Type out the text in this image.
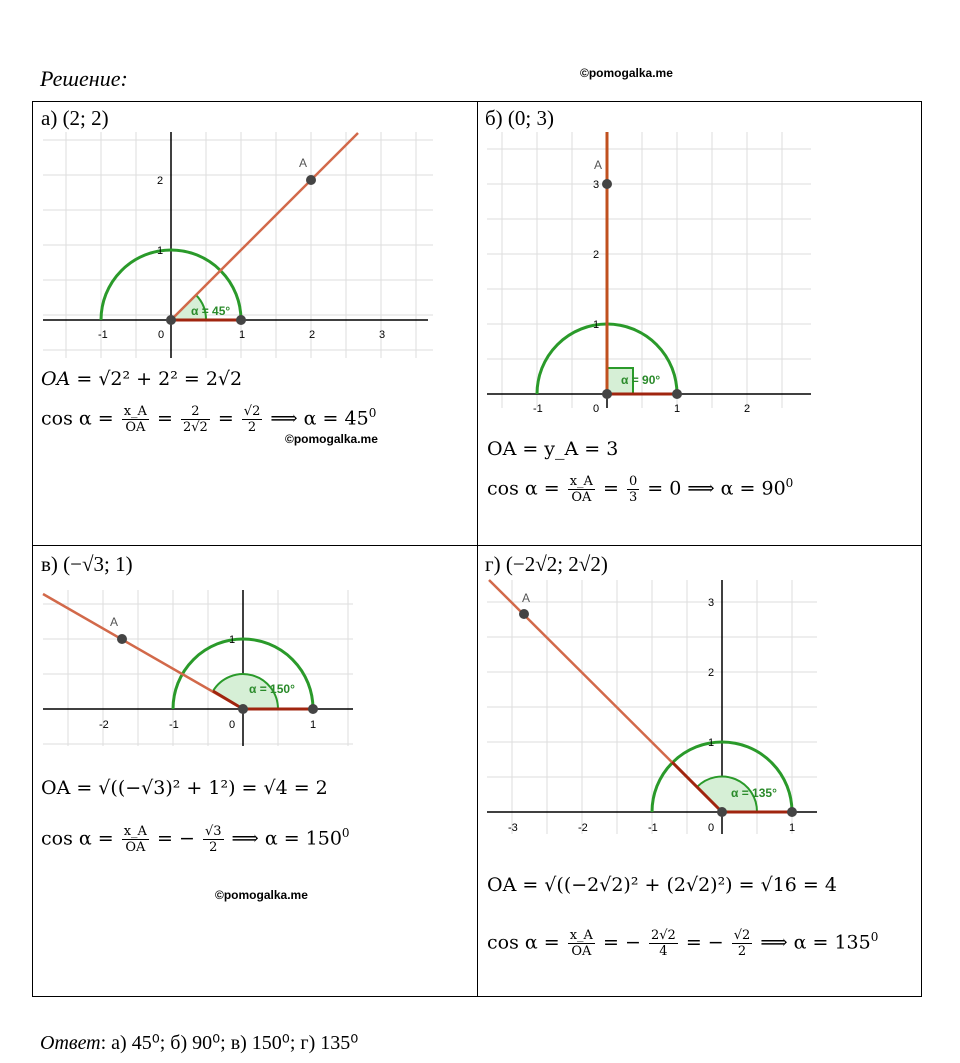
Решение:	©pomogalka.me
а) (2; 2)
A
α = 45°
-1	0	1	2	3
1
2
OA = √2² + 2² = 2√2
$\cos \alpha = \frac{x\_A}{OA} = \frac{2}{2√2} = \frac{√2}{2}$ ⟹ $\alpha = 45^0$
©pomogalka.me
б) (0; 3)
A
α = 90°
-1	0	1	2
1
2
3
OA = y_A = 3
$\cos \alpha = \frac{x\_A}{OA} = \frac{0}{3} = 0$ ⟹ $\alpha = 90^0$
в) (−√3; 1)
A
α = 150°
-2	-1	0	1
1
OA = √((−√3)² + 1²) = √4 = 2
$\cos \alpha = \frac{x\_A}{OA}$ = − $\frac{√3}{2}$ ⟹ $\alpha = 150^0$
©pomogalka.me
г) (−2√2; 2√2)
A
α = 135°
-3	-2	-1	0	1
1
2
3
OA = √((−2√2)² + (2√2)²) = √16 = 4
$\cos \alpha = \frac{x\_A}{OA}$ = − $\frac{2√2}{4}$ = − $\frac{√2}{2}$ ⟹ $\alpha = 135^0$
Ответ: а) 45⁰; б) 90⁰; в) 150⁰; г) 135⁰
